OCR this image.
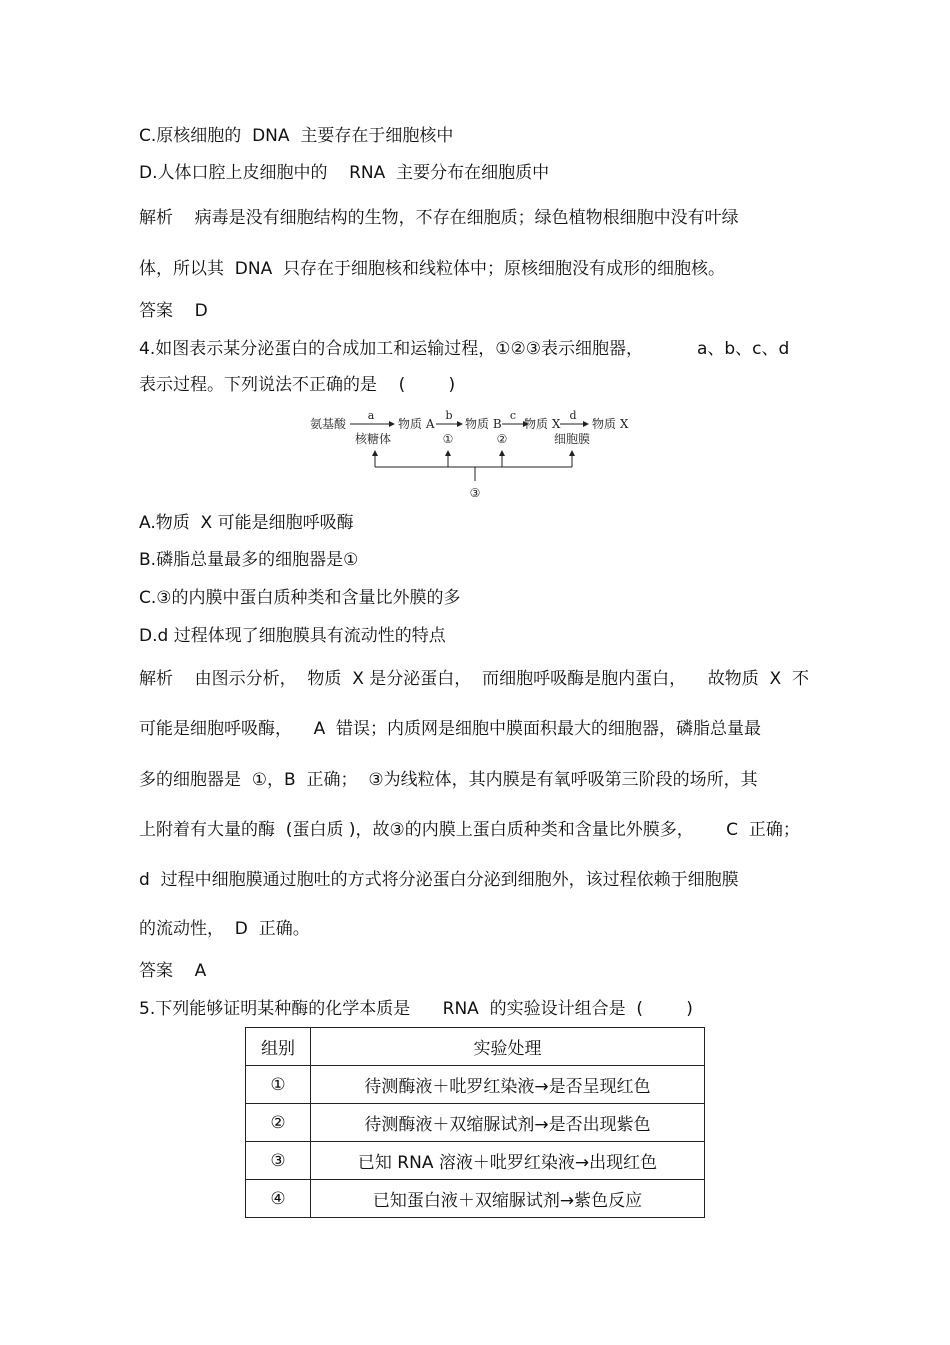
C.原核细胞的  DNA  主要存在于细胞核中
D.人体口腔上皮细胞中的    RNA  主要分布在细胞质中
解析    病毒是没有细胞结构的生物，不存在细胞质；绿色植物根细胞中没有叶绿
体，所以其  DNA  只存在于细胞核和线粒体中；原核细胞没有成形的细胞核。
答案    D
4.如图表示某分泌蛋白的合成加工和运输过程，①②③表示细胞器，          a、b、c、d
表示过程。下列说法不正确的是    (        )
氨基酸
a
核糖体
物质 A
b
①
物质 B
c
②
物质 X
d
细胞膜
物质 X
③
A.物质  X 可能是细胞呼吸酶
B.磷脂总量最多的细胞器是①
C.③的内膜中蛋白质种类和含量比外膜的多
D.d 过程体现了细胞膜具有流动性的特点
解析    由图示分析，  物质  X 是分泌蛋白，  而细胞呼吸酶是胞内蛋白，    故物质  X  不
可能是细胞呼吸酶，    A  错误；内质网是细胞中膜面积最大的细胞器，磷脂总量最
多的细胞器是  ①，B  正确；  ③为线粒体，其内膜是有氧呼吸第三阶段的场所，其
上附着有大量的酶  (蛋白质 )，故③的内膜上蛋白质种类和含量比外膜多，      C  正确；
d  过程中细胞膜通过胞吐的方式将分泌蛋白分泌到细胞外，该过程依赖于细胞膜
的流动性，  D  正确。
答案    A
5.下列能够证明某种酶的化学本质是      RNA  的实验设计组合是  (        )
组别	实验处理
①	待测酶液＋吡罗红染液→是否呈现红色
②	待测酶液＋双缩脲试剂→是否出现紫色
③	已知 RNA 溶液＋吡罗红染液→出现红色
④	已知蛋白液＋双缩脲试剂→紫色反应
